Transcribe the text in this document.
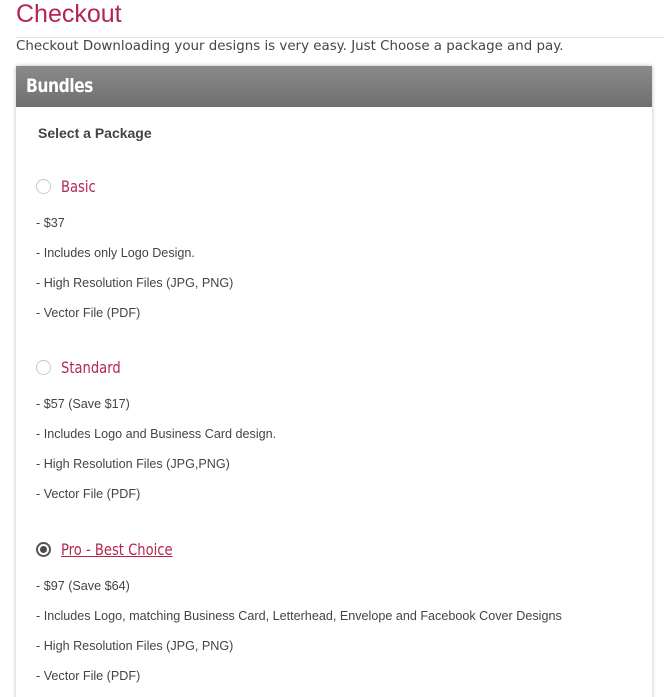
Checkout
Checkout Downloading your designs is very easy. Just Choose a package and pay.
Bundles
Select a Package
Basic
- $37
- Includes only Logo Design.
- High Resolution Files (JPG, PNG)
- Vector File (PDF)
Standard
- $57 (Save $17)
- Includes Logo and Business Card design.
- High Resolution Files (JPG,PNG)
- Vector File (PDF)
Pro - Best Choice
- $97 (Save $64)
- Includes Logo, matching Business Card, Letterhead, Envelope and Facebook Cover Designs
- High Resolution Files (JPG, PNG)
- Vector File (PDF)
